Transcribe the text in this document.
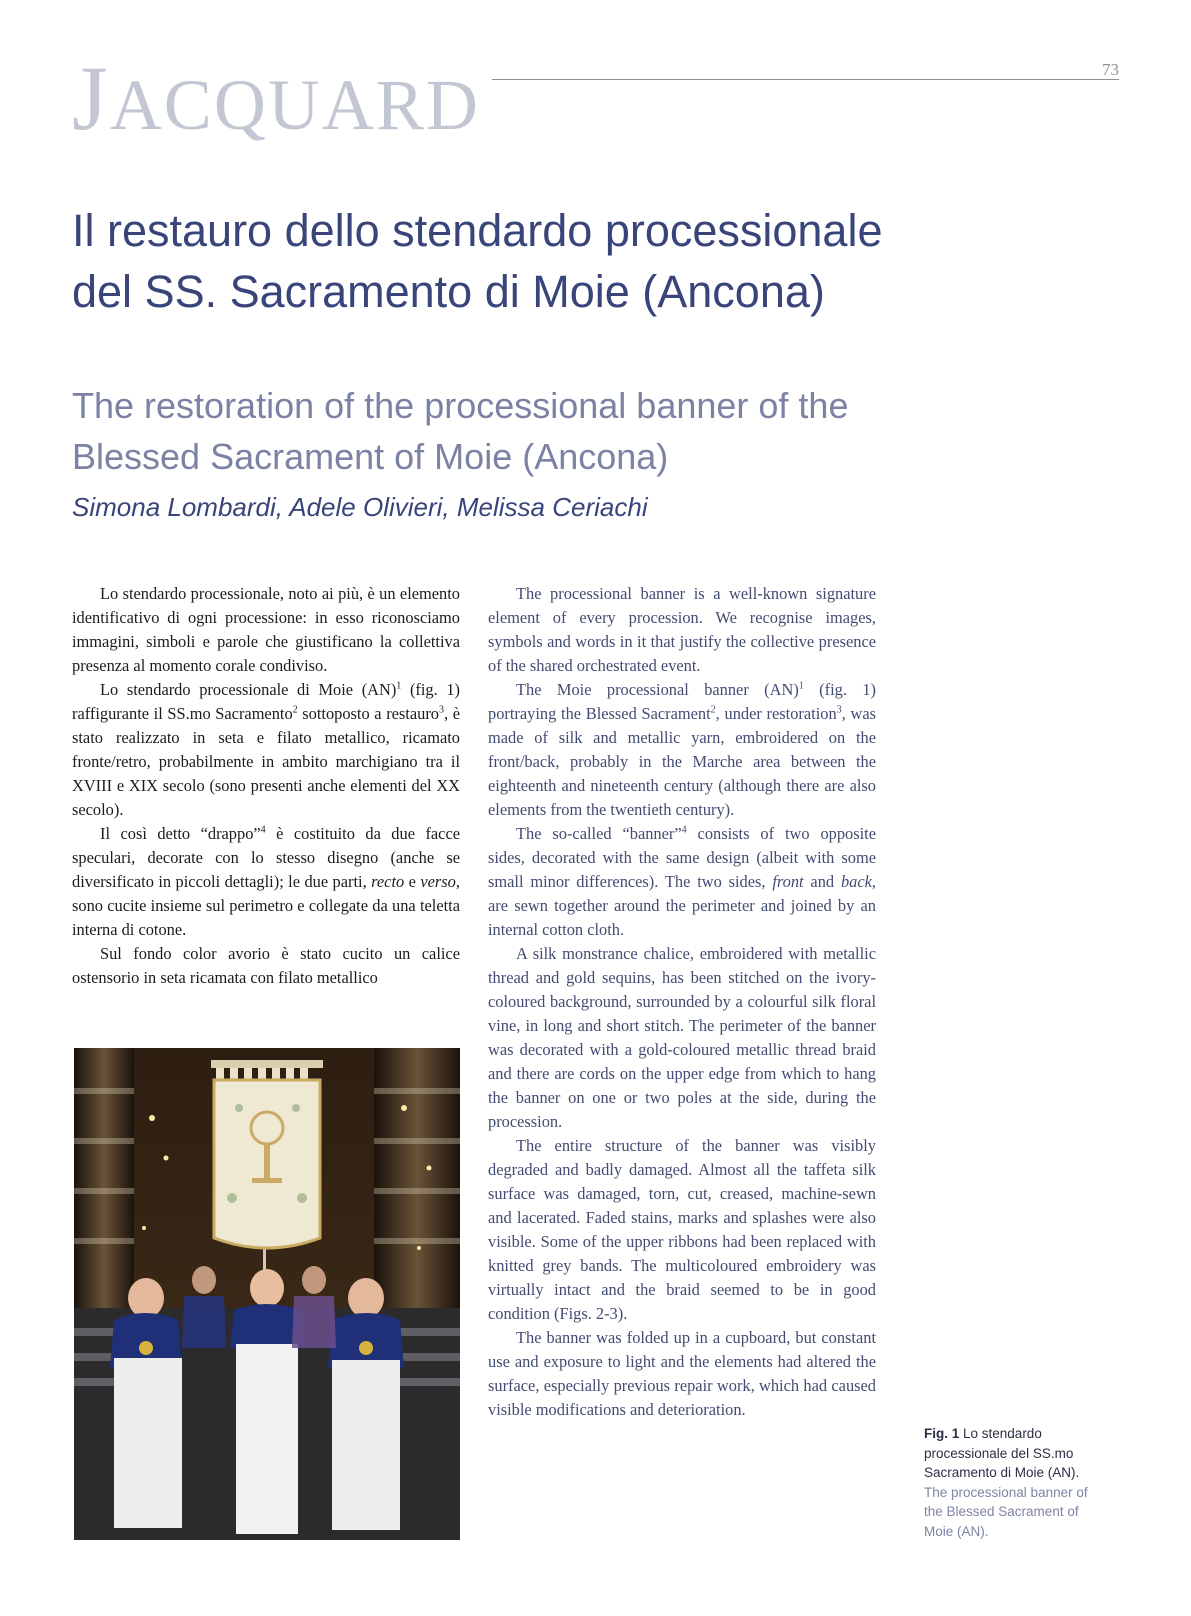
JACQUARD	73
Il restauro dello stendardo processionale del SS. Sacramento di Moie (Ancona)
The restoration of the processional banner of the Blessed Sacrament of Moie (Ancona)
Simona Lombardi, Adele Olivieri, Melissa Ceriachi

Lo stendardo processionale, noto ai più, è un elemento identificativo di ogni processione: in esso riconosciamo immagini, simboli e parole che giustificano la collettiva presenza al momento corale condiviso.

Lo stendardo processionale di Moie (AN)$^1$ (fig. 1) raffigurante il SS.mo Sacramento$^2$ sottoposto a restauro$^3$, è stato realizzato in seta e filato metallico, ricamato fronte/retro, probabilmente in ambito marchigiano tra il XVIII e XIX secolo (sono presenti anche elementi del XX secolo).

Il così detto “drappo”$^4$ è costituito da due facce speculari, decorate con lo stesso disegno (anche se diversificato in piccoli dettagli); le due parti, recto e verso, sono cucite insieme sul perimetro e collegate da una teletta interna di cotone.

Sul fondo color avorio è stato cucito un calice ostensorio in seta ricamata con filato metallico

The processional banner is a well-known signature element of every procession. We recognise images, symbols and words in it that justify the collective presence of the shared orchestrated event.

The Moie processional banner (AN)$^1$ (fig. 1) portraying the Blessed Sacrament$^2$, under restoration$^3$, was made of silk and metallic yarn, embroidered on the front/back, probably in the Marche area between the eighteenth and nineteenth century (although there are also elements from the twentieth century).

The so-called “banner”$^4$ consists of two opposite sides, decorated with the same design (albeit with some small minor differences). The two sides, front and back, are sewn together around the perimeter and joined by an internal cotton cloth.

A silk monstrance chalice, embroidered with metallic thread and gold sequins, has been stitched on the ivory-coloured background, surrounded by a colourful silk floral vine, in long and short stitch. The perimeter of the banner was decorated with a gold-coloured metallic thread braid and there are cords on the upper edge from which to hang the banner on one or two poles at the side, during the procession.

The entire structure of the banner was visibly degraded and badly damaged. Almost all the taffeta silk surface was damaged, torn, cut, creased, machine-sewn and lacerated. Faded stains, marks and splashes were also visible. Some of the upper ribbons had been replaced with knitted grey bands. The multicoloured embroidery was virtually intact and the braid seemed to be in good condition (Figs. 2-3).

The banner was folded up in a cupboard, but constant use and exposure to light and the elements had altered the surface, especially previous repair work, which had caused visible modifications and deterioration.

Fig. 1 Lo stendardo processionale del SS.mo Sacramento di Moie (AN).
The processional banner of the Blessed Sacrament of Moie (AN).
